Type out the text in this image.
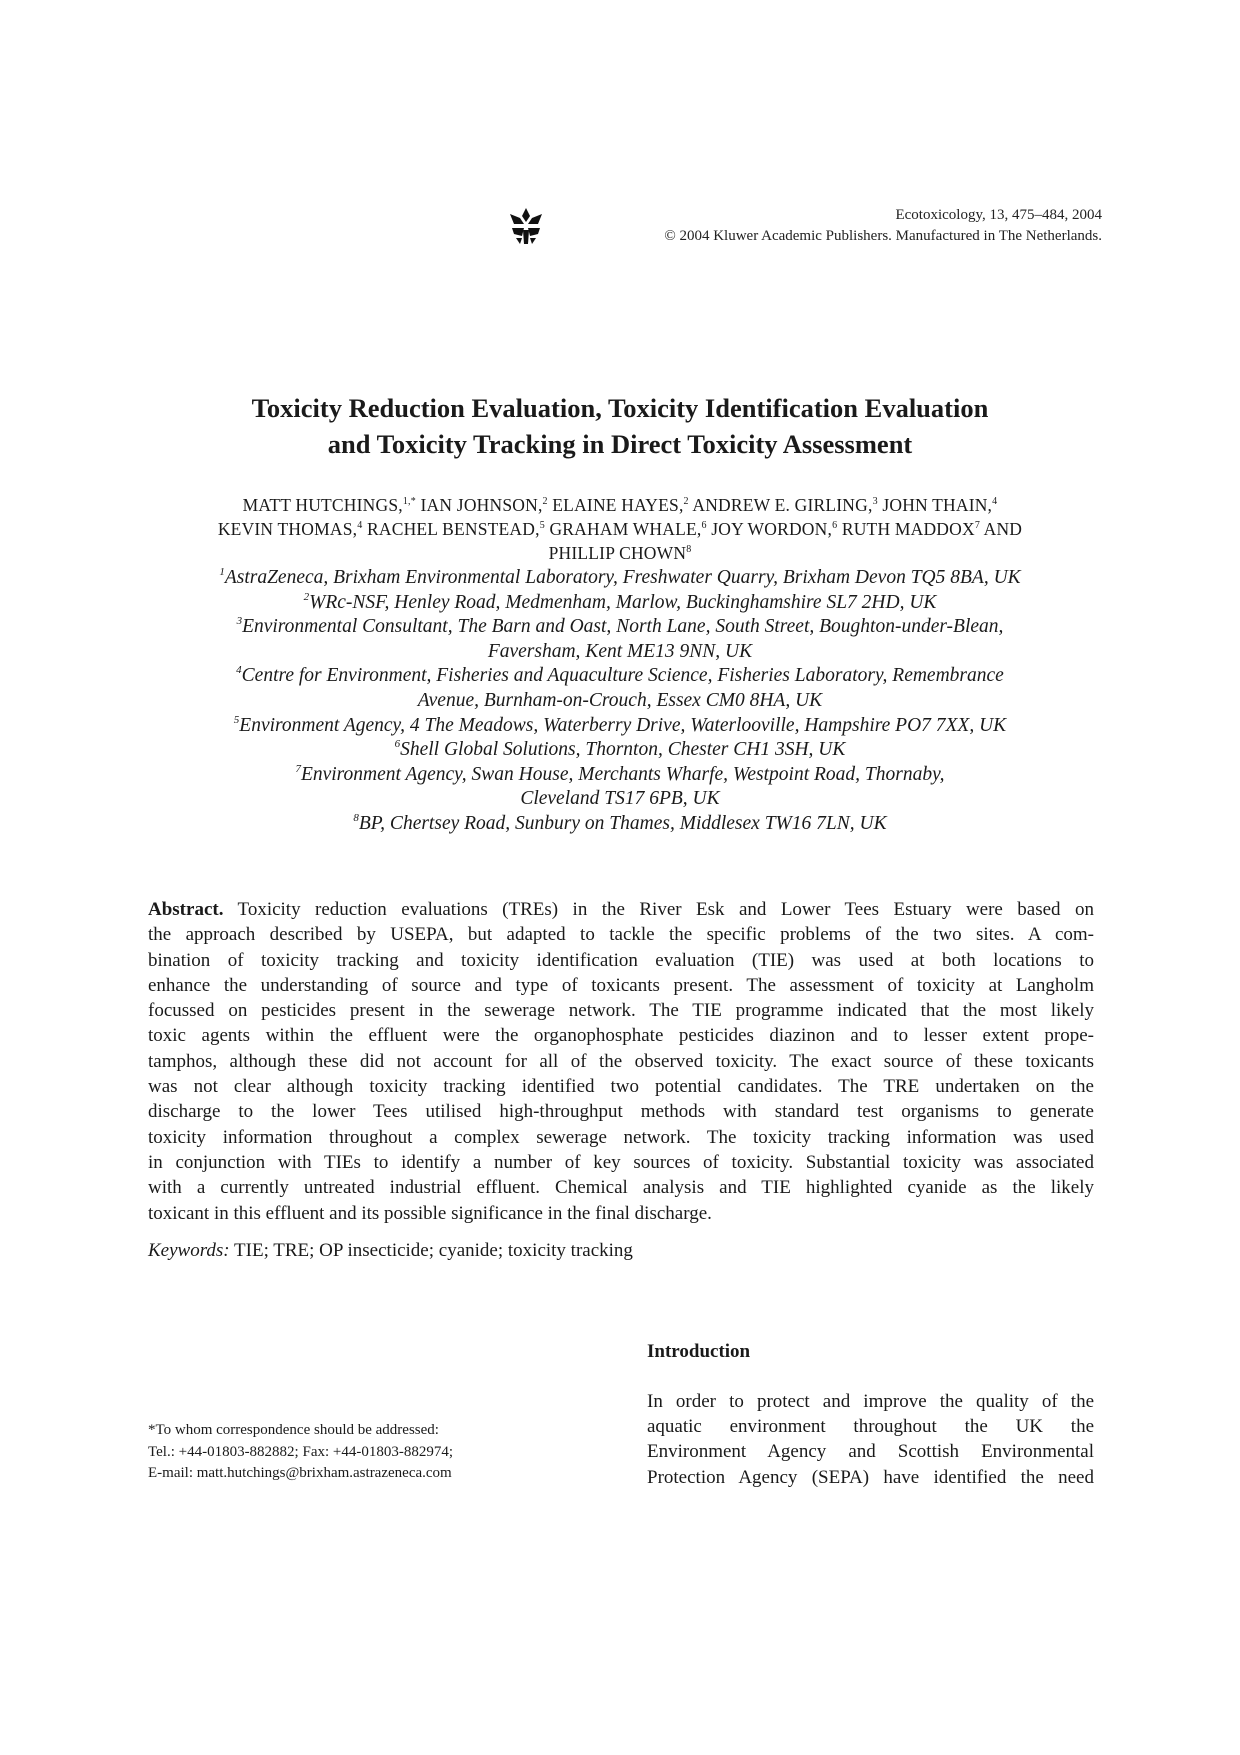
Ecotoxicology, 13, 475–484, 2004
© 2004 Kluwer Academic Publishers. Manufactured in The Netherlands.
Toxicity Reduction Evaluation, Toxicity Identification Evaluation
and Toxicity Tracking in Direct Toxicity Assessment
MATT HUTCHINGS,$^{1,*}$ IAN JOHNSON,$^2$ ELAINE HAYES,$^2$ ANDREW E. GIRLING,$^3$ JOHN THAIN,$^4$
KEVIN THOMAS,$^4$ RACHEL BENSTEAD,$^5$ GRAHAM WHALE,$^6$ JOY WORDON,$^6$ RUTH MADDOX$^7$ AND
PHILLIP CHOWN$^8$
$^1$AstraZeneca, Brixham Environmental Laboratory, Freshwater Quarry, Brixham Devon TQ5 8BA, UK
$^2$WRc-NSF, Henley Road, Medmenham, Marlow, Buckinghamshire SL7 2HD, UK
$^3$Environmental Consultant, The Barn and Oast, North Lane, South Street, Boughton-under-Blean,
Faversham, Kent ME13 9NN, UK
$^4$Centre for Environment, Fisheries and Aquaculture Science, Fisheries Laboratory, Remembrance
Avenue, Burnham-on-Crouch, Essex CM0 8HA, UK
$^5$Environment Agency, 4 The Meadows, Waterberry Drive, Waterlooville, Hampshire PO7 7XX, UK
$^6$Shell Global Solutions, Thornton, Chester CH1 3SH, UK
$^7$Environment Agency, Swan House, Merchants Wharfe, Westpoint Road, Thornaby,
Cleveland TS17 6PB, UK
$^8$BP, Chertsey Road, Sunbury on Thames, Middlesex TW16 7LN, UK
Abstract. Toxicity reduction evaluations (TREs) in the River Esk and Lower Tees Estuary were based on
the approach described by USEPA, but adapted to tackle the specific problems of the two sites. A com-
bination of toxicity tracking and toxicity identification evaluation (TIE) was used at both locations to
enhance the understanding of source and type of toxicants present. The assessment of toxicity at Langholm
focussed on pesticides present in the sewerage network. The TIE programme indicated that the most likely
toxic agents within the effluent were the organophosphate pesticides diazinon and to lesser extent prope-
tamphos, although these did not account for all of the observed toxicity. The exact source of these toxicants
was not clear although toxicity tracking identified two potential candidates. The TRE undertaken on the
discharge to the lower Tees utilised high-throughput methods with standard test organisms to generate
toxicity information throughout a complex sewerage network. The toxicity tracking information was used
in conjunction with TIEs to identify a number of key sources of toxicity. Substantial toxicity was associated
with a currently untreated industrial effluent. Chemical analysis and TIE highlighted cyanide as the likely
toxicant in this effluent and its possible significance in the final discharge.
Keywords: TIE; TRE; OP insecticide; cyanide; toxicity tracking
*To whom correspondence should be addressed:
Tel.: +44-01803-882882; Fax: +44-01803-882974;
E-mail: matt.hutchings@brixham.astrazeneca.com
Introduction
In order to protect and improve the quality of the
aquatic environment throughout the UK the
Environment Agency and Scottish Environmental
Protection Agency (SEPA) have identified the need
